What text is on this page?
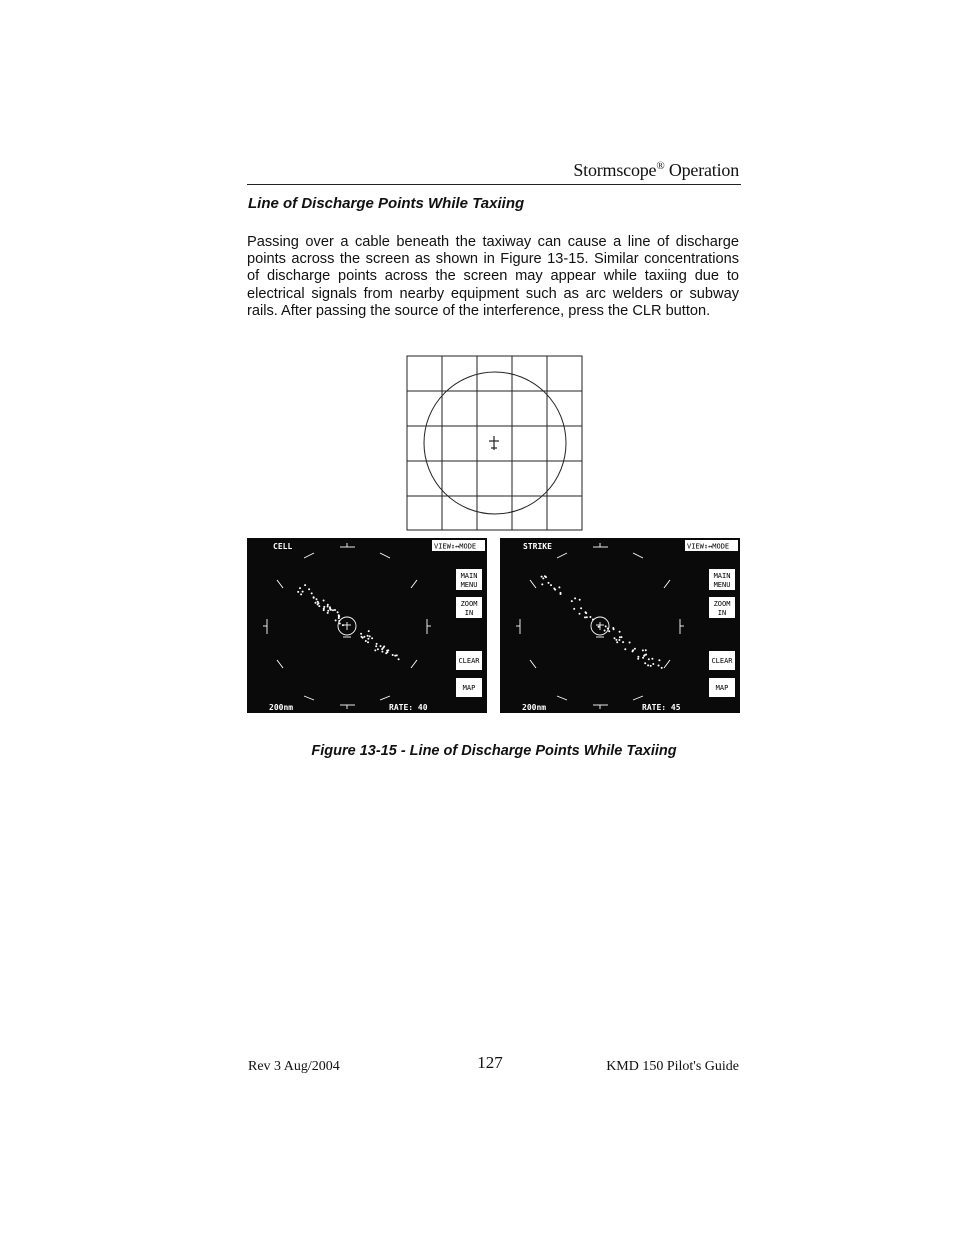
Stormscope® Operation
Line of Discharge Points While Taxiing
Passing over a cable beneath the taxiway can cause a line of discharge points across the screen as shown in Figure 13-15. Similar concentrations of discharge points across the screen may appear while taxiing due to electrical signals from nearby equipment such as arc welders or subway rails. After passing the source of the interference, press the CLR button.
CELL	VIEW⇕↔MODE
MAIN
MENU
ZOOM
IN
CLEAR
MAP
200nm	RATE: 40
STRIKE	VIEW⇕↔MODE
MAIN
MENU
ZOOM
IN
CLEAR
MAP
200nm	RATE: 45
Figure 13-15 - Line of Discharge Points While Taxiing
Rev 3 Aug/2004	127	KMD 150 Pilot's Guide
